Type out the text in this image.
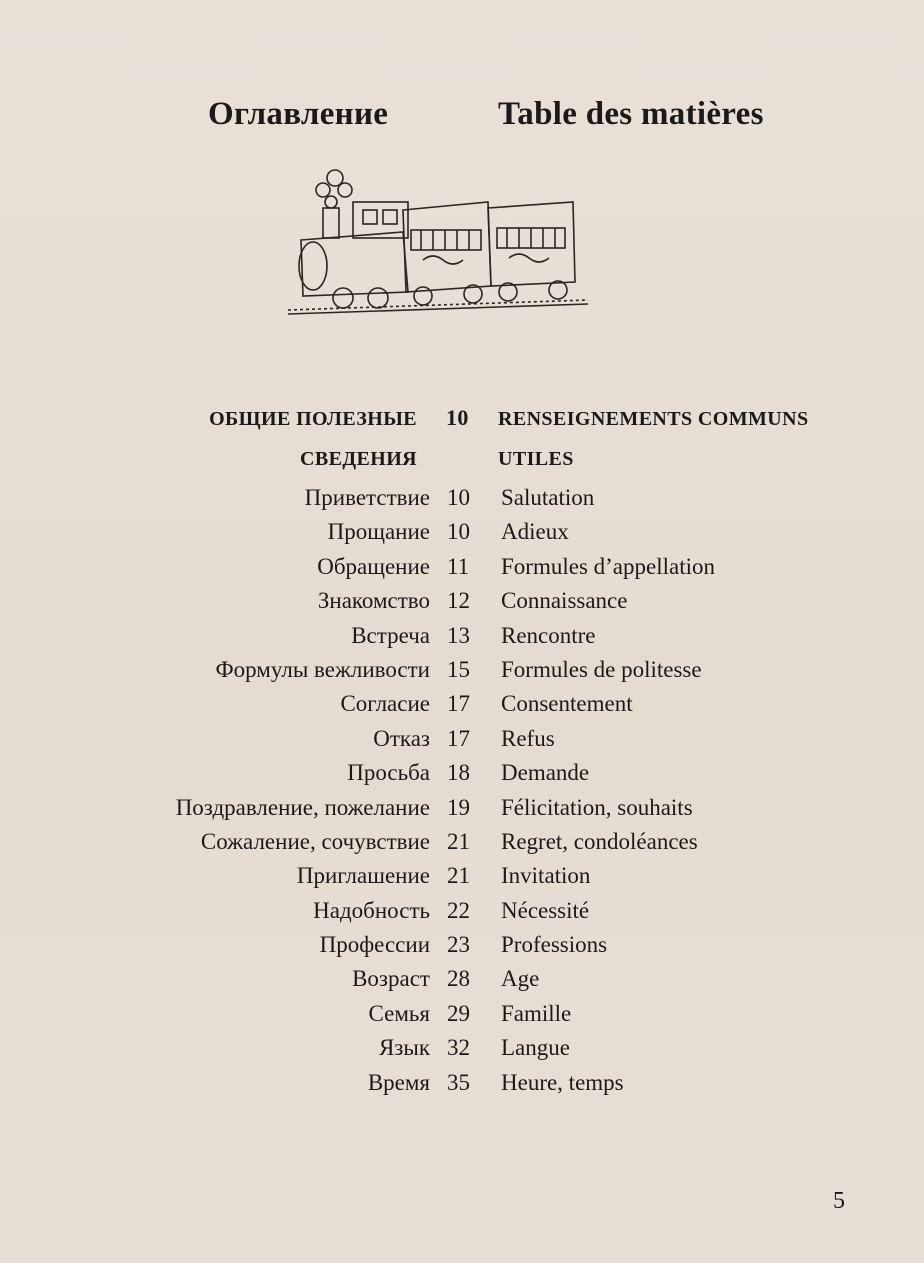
Оглавление	Table des matières
ОБЩИЕ ПОЛЕЗНЫЕ 10 RENSEIGNEMENTS COMMUNS
СВЕДЕНИЯ	UTILES
Приветствие 10 Salutation
Прощание 10 Adieux
Обращение 11 Formules d’appellation
Знакомство 12 Connaissance
Встреча 13 Rencontre
Формулы вежливости 15 Formules de politesse
Согласие 17 Consentement
Отказ 17 Refus
Просьба 18 Demande
Поздравление, пожелание 19 Félicitation, souhaits
Сожаление, сочувствие 21 Regret, condoléances
Приглашение 21 Invitation
Надобность 22 Nécessité
Профессии 23 Professions
Возраст 28 Age
Семья 29 Famille
Язык 32 Langue
Время 35 Heure, temps
5
